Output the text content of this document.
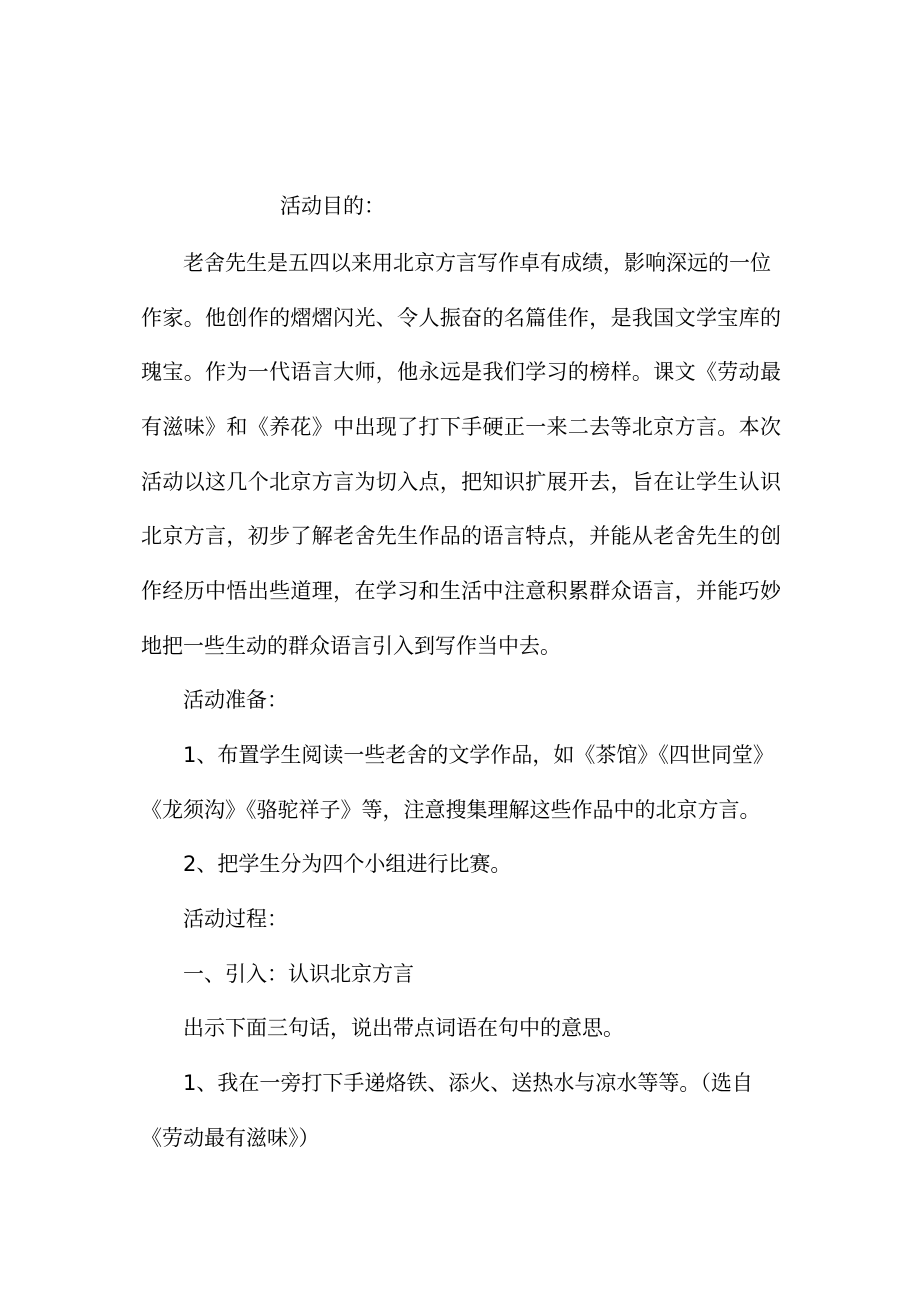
活动目的：

老舍先生是五四以来用北京方言写作卓有成绩，影响深远的一位

作家。他创作的熠熠闪光、令人振奋的名篇佳作，是我国文学宝库的

瑰宝。作为一代语言大师，他永远是我们学习的榜样。课文《劳动最

有滋味》和《养花》中出现了打下手硬正一来二去等北京方言。本次

活动以这几个北京方言为切入点，把知识扩展开去，旨在让学生认识

北京方言，初步了解老舍先生作品的语言特点，并能从老舍先生的创

作经历中悟出些道理，在学习和生活中注意积累群众语言，并能巧妙

地把一些生动的群众语言引入到写作当中去。

活动准备：

1、布置学生阅读一些老舍的文学作品，如《茶馆》《四世同堂》

《龙须沟》《骆驼祥子》等，注意搜集理解这些作品中的北京方言。

2、把学生分为四个小组进行比赛。

活动过程：

一、引入：认识北京方言

出示下面三句话，说出带点词语在句中的意思。

1、我在一旁打下手递烙铁、添火、送热水与凉水等等。（选自

《劳动最有滋味》）
